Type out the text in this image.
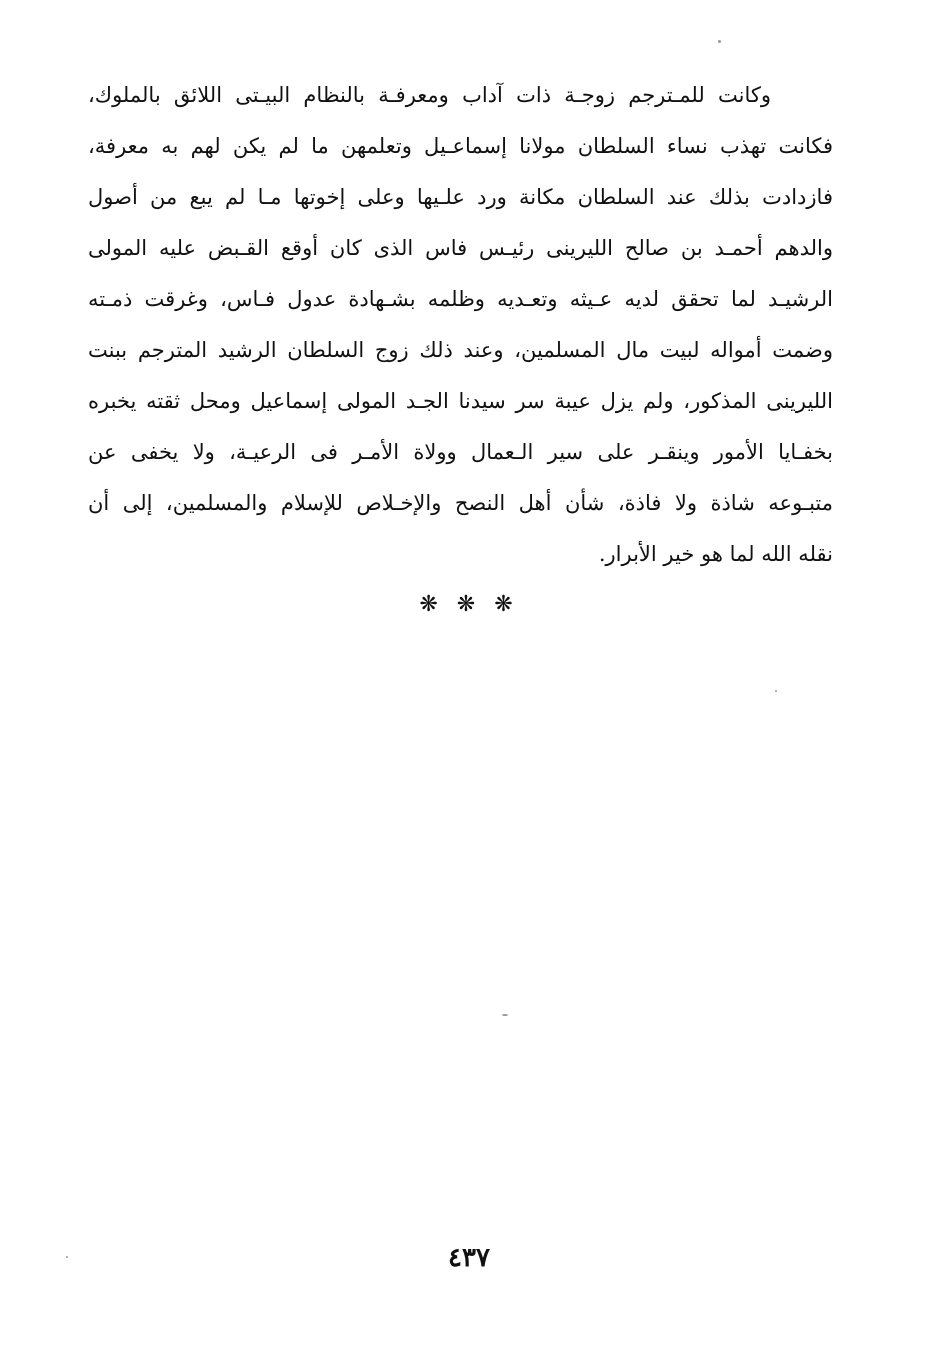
وكانت للمـترجم زوجـة ذات آداب ومعرفـة بالنظام البيـتى اللائق بالملوك،
فكانت تهذب نساء السلطان مولانا إسماعـيل وتعلمهن ما لم يكن لهم به معرفة،
فازدادت بذلك عند السلطان مكانة ورد علـيها وعلى إخوتها مـا لم يبع من أصول
والدهم أحمـد بن صالح الليرينى رئيـس فاس الذى كان أوقع القـبض عليه المولى
الرشيـد لما تحقق لديه عـيثه وتعـديه وظلمه بشـهادة عدول فـاس، وغرقت ذمـته
وضمت أمواله لبيت مال المسلمين، وعند ذلك زوج السلطان الرشيد المترجم ببنت
الليرينى المذكور، ولم يزل عيبة سر سيدنا الجـد المولى إسماعيل ومحل ثقته يخبره
بخفـايا الأمور وينقـر على سير الـعمال وولاة الأمـر فى الرعيـة، ولا يخفى عن
متبـوعه شاذة ولا فاذة، شأن أهل النصح والإخـلاص للإسلام والمسلمين، إلى أن
نقله الله لما هو خير الأبرار.
❋ ❋ ❋
٤٣٧
